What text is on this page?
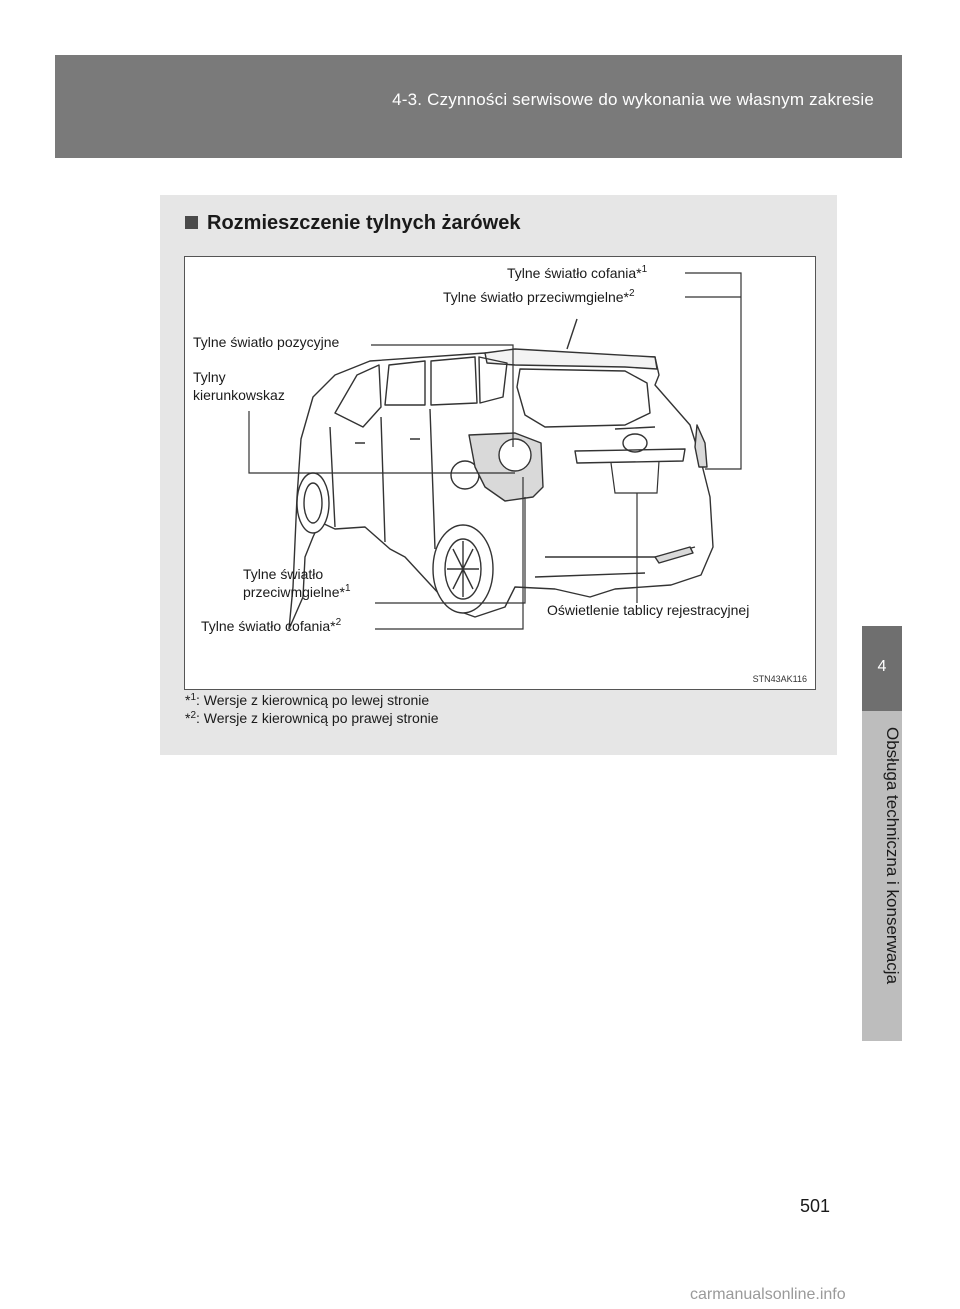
4-3. Czynności serwisowe do wykonania we własnym zakresie
4
Obsługa techniczna i konserwacja
Rozmieszczenie tylnych żarówek
Tylne światło cofania*$^1$
Tylne światło przeciwmgielne*$^2$
Tylne światło pozycyjne
Tylny
kierunkowskaz
Tylne światło
przeciwmgielne*$^1$
Tylne światło cofania*$^2$
Oświetlenie tablicy rejestracyjnej
STN43AK116
*$^1$: Wersje z kierownicą po lewej stronie
*$^2$: Wersje z kierownicą po prawej stronie
501
carmanualsonline.info
